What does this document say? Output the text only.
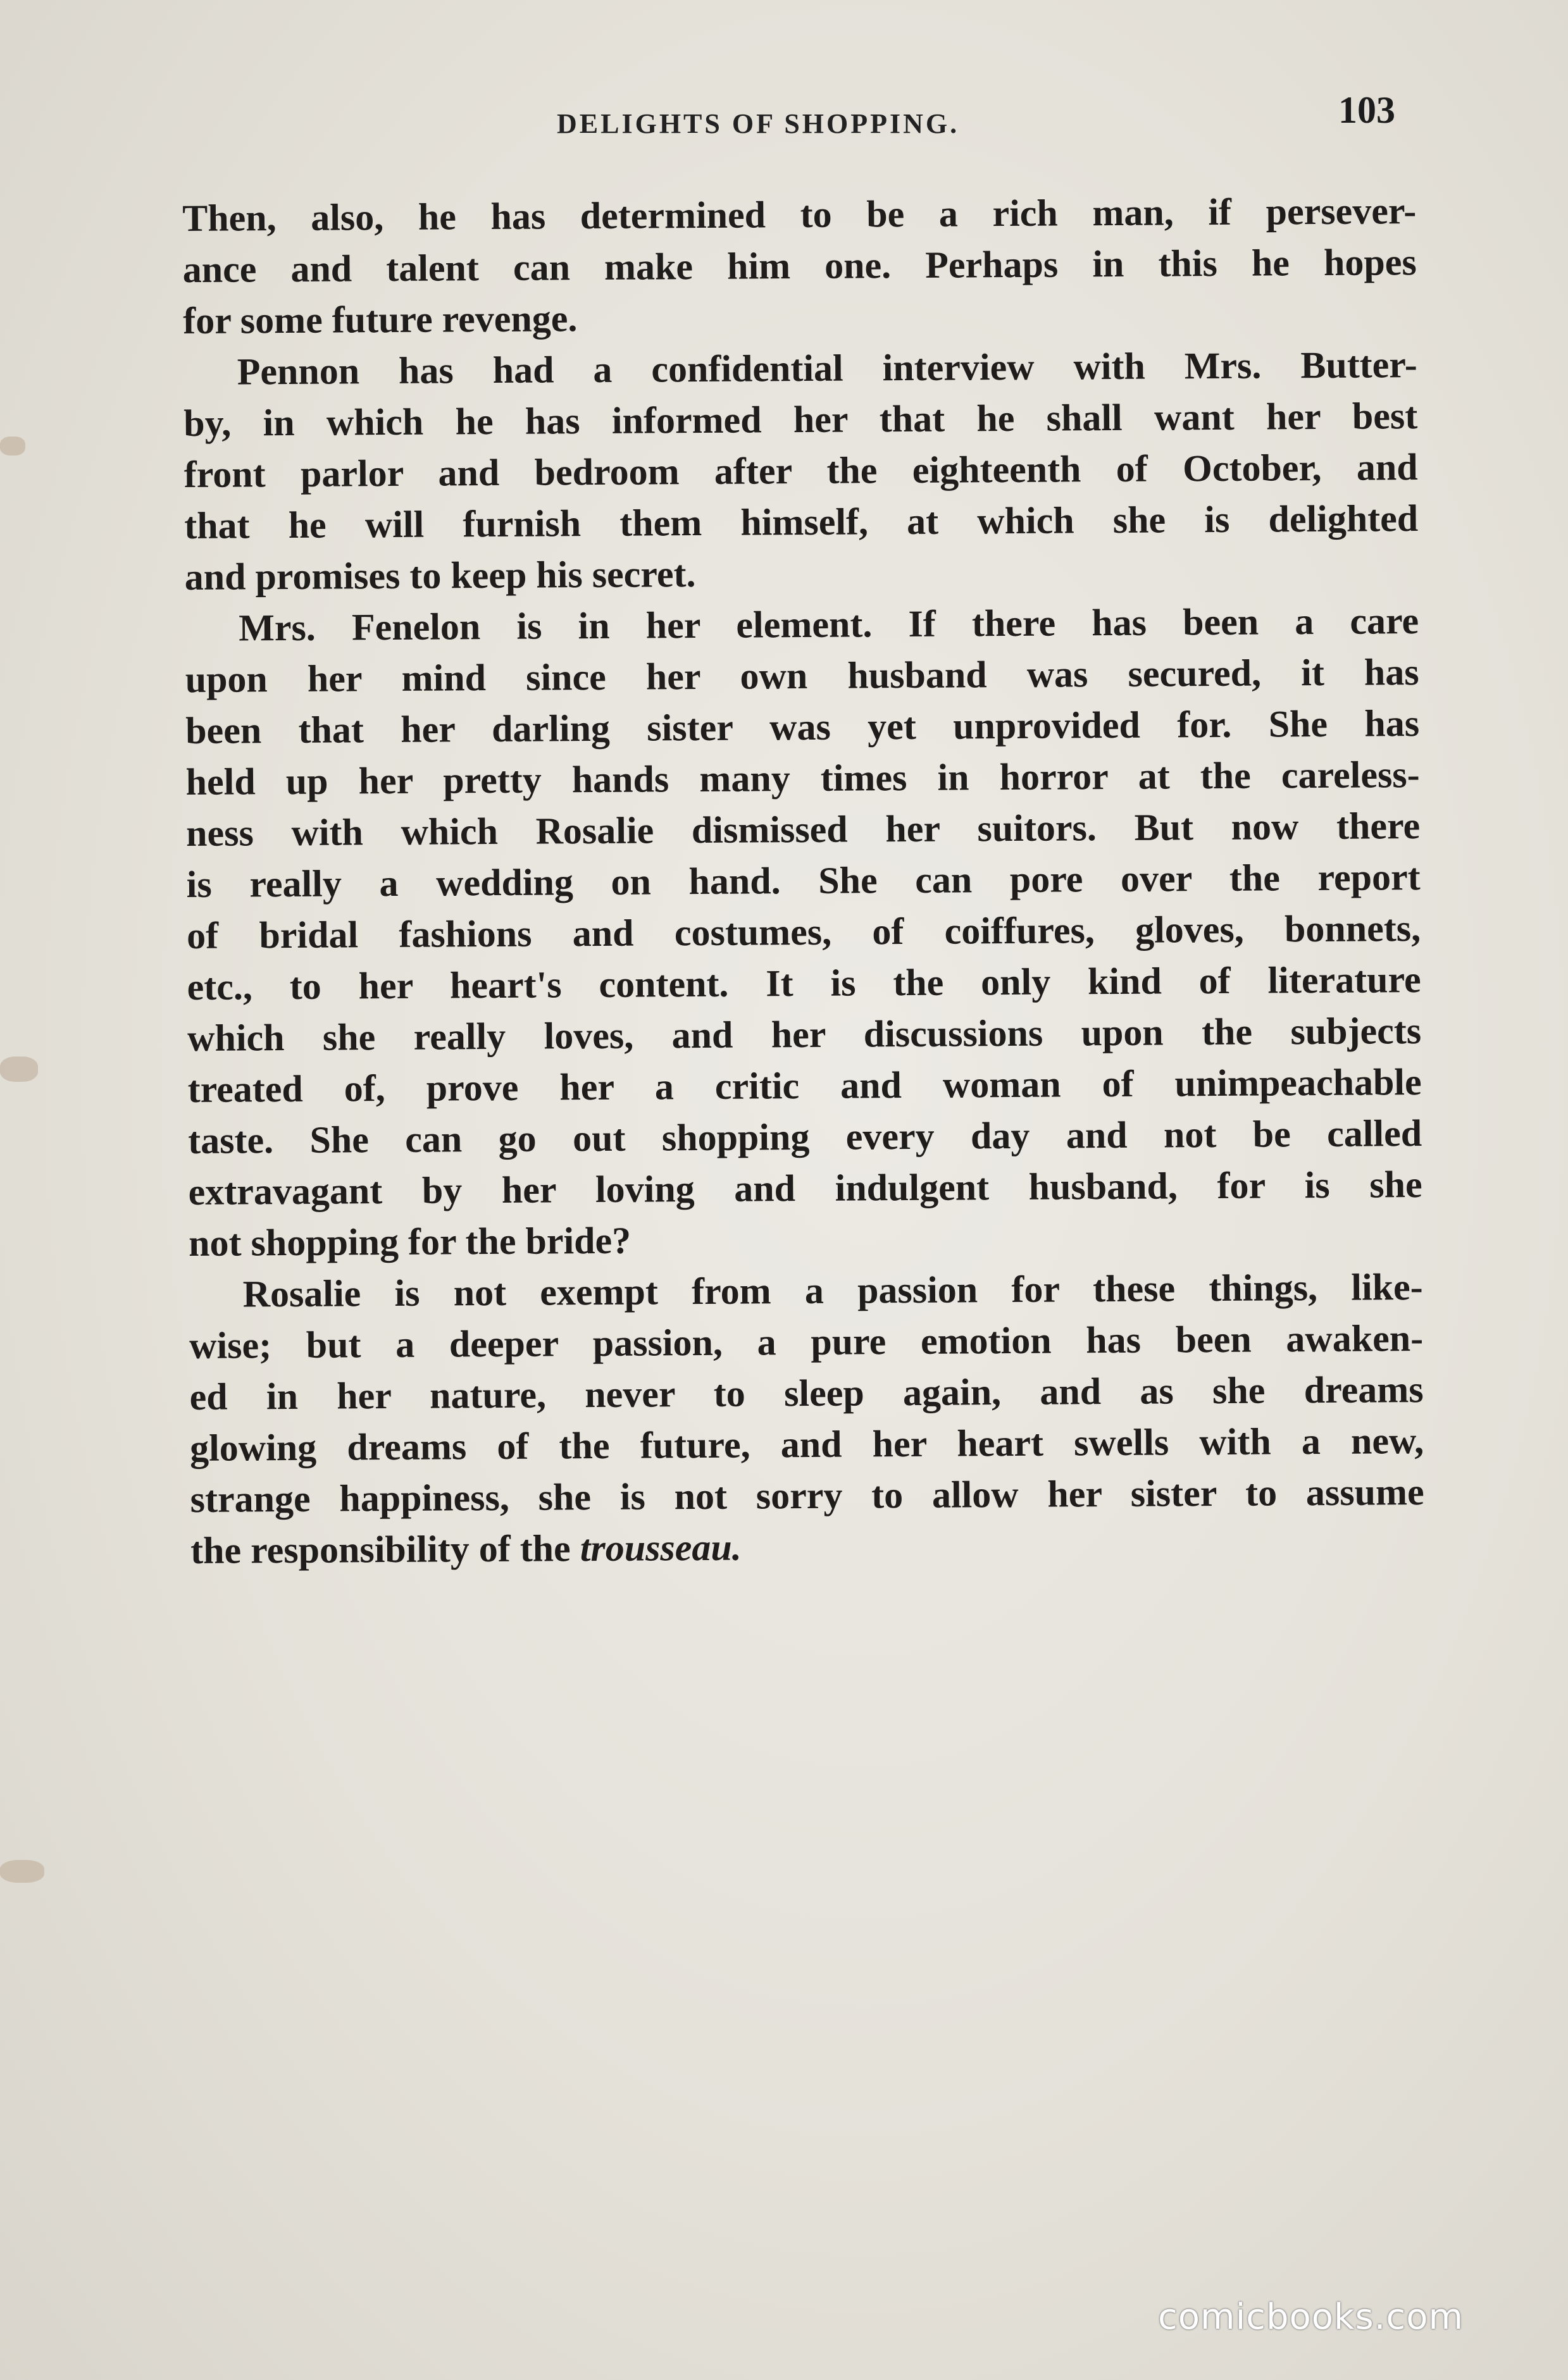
DELIGHTS OF SHOPPING.	103

Then, also, he has determined to be a rich man, if persever-
ance and talent can make him one. Perhaps in this he hopes
for some future revenge.

Pennon has had a confidential interview with Mrs. Butter-
by, in which he has informed her that he shall want her best
front parlor and bedroom after the eighteenth of October, and
that he will furnish them himself, at which she is delighted
and promises to keep his secret.

Mrs. Fenelon is in her element. If there has been a care
upon her mind since her own husband was secured, it has
been that her darling sister was yet unprovided for. She has
held up her pretty hands many times in horror at the careless-
ness with which Rosalie dismissed her suitors. But now there
is really a wedding on hand. She can pore over the report
of bridal fashions and costumes, of coiffures, gloves, bonnets,
etc., to her heart's content. It is the only kind of literature
which she really loves, and her discussions upon the subjects
treated of, prove her a critic and woman of unimpeachable
taste. She can go out shopping every day and not be called
extravagant by her loving and indulgent husband, for is she
not shopping for the bride?

Rosalie is not exempt from a passion for these things, like-
wise; but a deeper passion, a pure emotion has been awaken-
ed in her nature, never to sleep again, and as she dreams
glowing dreams of the future, and her heart swells with a new,
strange happiness, she is not sorry to allow her sister to assume
the responsibility of the trousseau.

comicbooks.com
